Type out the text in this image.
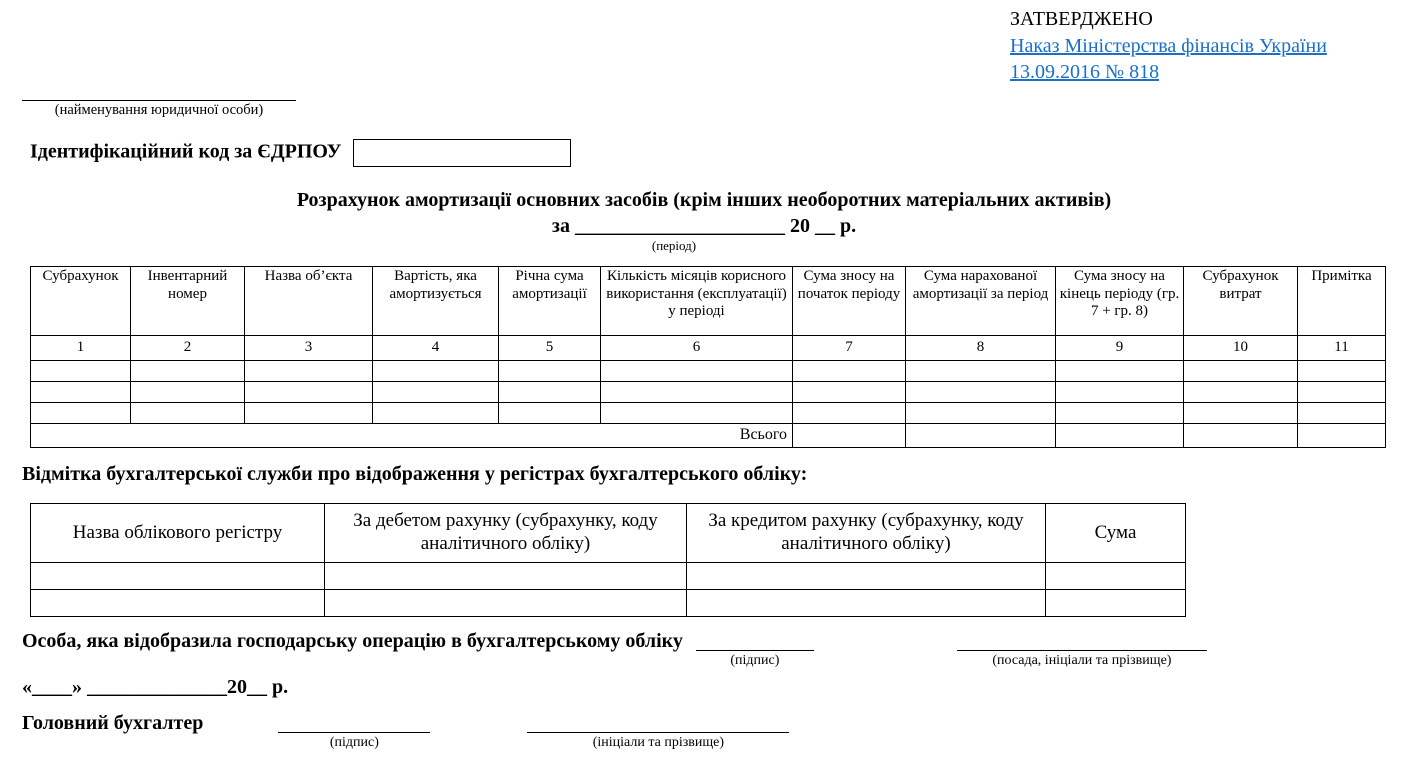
ЗАТВЕРДЖЕНО
Наказ Міністерства фінансів України
13.09.2016 № 818
(найменування юридичної особи)
Ідентифікаційний код за ЄДРПОУ
Розрахунок амортизації основних засобів (крім інших необоротних матеріальних активів)
за _____________________ 20 __ р.
(період)
Субрахунок	Інвентарний номер	Назва об’єкта	Вартість, яка амортизується	Річна сума амортизації	Кількість місяців корисного використання (експлуатації) у періоді	Сума зносу на початок періоду	Сума нарахованої амортизації за період	Сума зносу на кінець періоду (гр. 7 + гр. 8)	Субрахунок витрат	Примітка
1	2	3	4	5	6	7	8	9	10	11

Всього										
Відмітка бухгалтерської служби про відображення у регістрах бухгалтерського обліку:
Назва облікового регістру	За дебетом рахунку (субрахунку, коду аналітичного обліку)	За кредитом рахунку (субрахунку, коду аналітичного обліку)	Сума

Особа, яка відобразила господарську операцію в бухгалтерському обліку
(підпис)
	(посада, ініціали та прізвище)
«____» ______________20__ р.
Головний бухгалтер
(підпис)
	(ініціали та прізвище)
